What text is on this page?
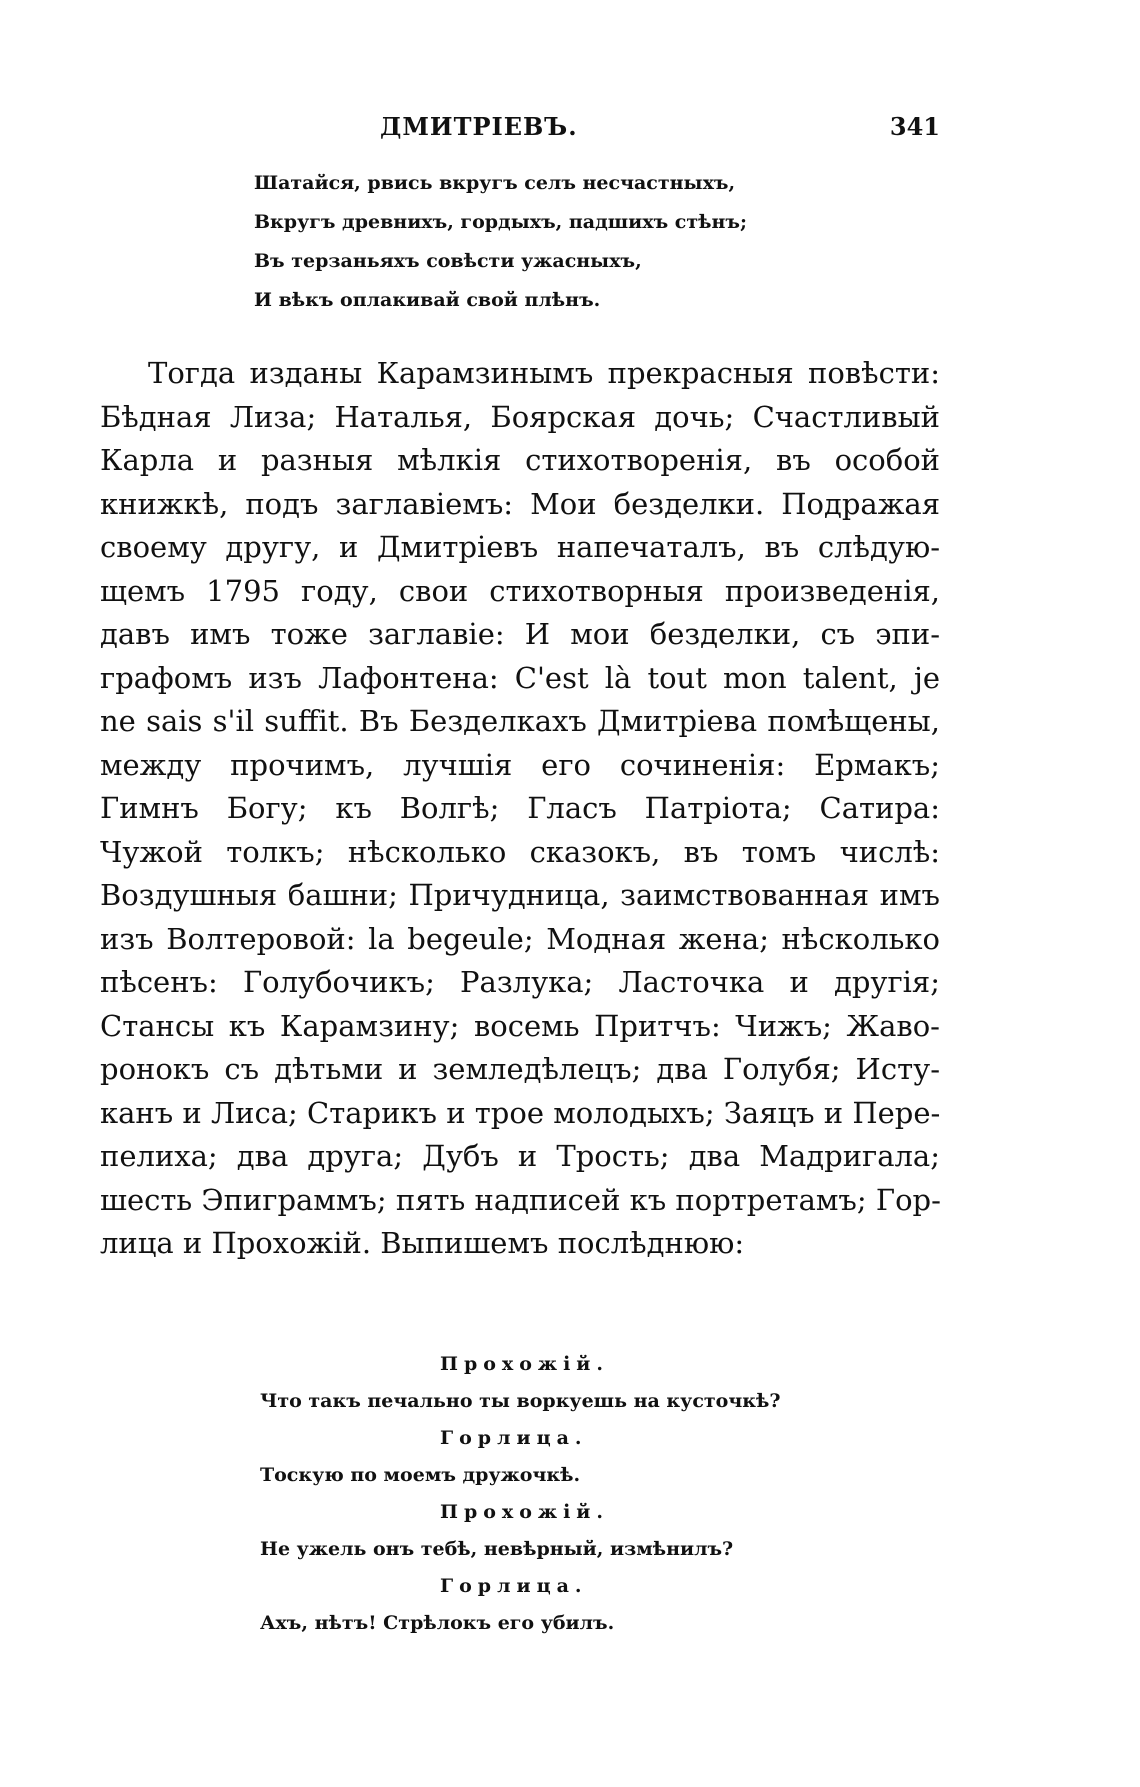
ДМИТРІЕВЪ.	341
Шатайся, рвись вкругъ селъ несчастныхъ,
Вкругъ древнихъ, гордыхъ, падшихъ стѣнъ;
Въ терзаньяхъ совѣсти ужасныхъ,
И вѣкъ оплакивай свой плѣнъ.
Тогда изданы Карамзинымъ прекрасныя повѣсти:
Бѣдная Лиза; Наталья, Боярская дочь; Счастливый
Карла и разныя мѣлкія стихотворенія, въ особой
книжкѣ, подъ заглавіемъ: Мои безделки. Подражая
своему другу, и Дмитріевъ напечаталъ, въ слѣдую-
щемъ 1795 году, свои стихотворныя произведенія,
давъ имъ тоже заглавіе: И мои безделки, съ эпи-
графомъ изъ Лафонтена: C'est là tout mon talent, je
ne sais s'il suffit. Въ Безделкахъ Дмитріева помѣщены,
между прочимъ, лучшія его сочиненія: Ермакъ;
Гимнъ Богу; къ Волгѣ; Гласъ Патріота; Сатира:
Чужой толкъ; нѣсколько сказокъ, въ томъ числѣ:
Воздушныя башни; Причудница, заимствованная имъ
изъ Волтеровой: la begeule; Модная жена; нѣсколько
пѣсенъ: Голубочикъ; Разлука; Ласточка и другія;
Стансы къ Карамзину; восемь Притчъ: Чижъ; Жаво-
ронокъ съ дѣтьми и земледѣлецъ; два Голубя; Исту-
канъ и Лиса; Старикъ и трое молодыхъ; Заяцъ и Пере-
пелиха; два друга; Дубъ и Трость; два Мадригала;
шесть Эпиграммъ; пять надписей къ портретамъ; Гор-
лица и Прохожій. Выпишемъ послѣднюю:
Прохожій.
Что такъ печально ты воркуешь на кусточкѣ?
Горлица.
Тоскую по моемъ дружочкѣ.
Прохожій.
Не ужель онъ тебѣ, невѣрный, измѣнилъ?
Горлица.
Ахъ, нѣтъ! Стрѣлокъ его убилъ.
